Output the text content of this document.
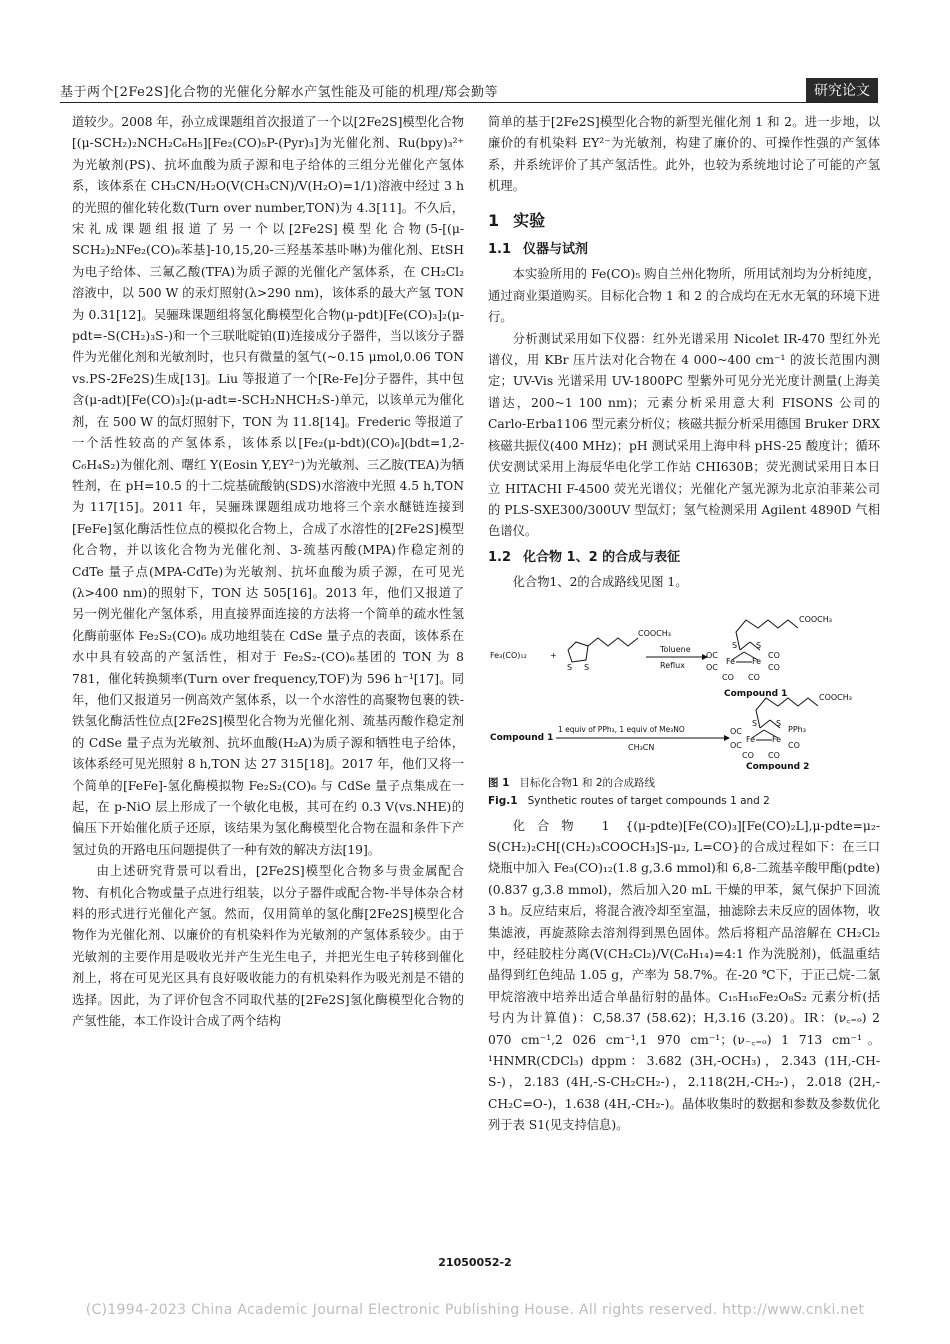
基于两个[2Fe2S]化合物的光催化分解水产氢性能及可能的机理/郑会勤等	研究论文

道较少。2008 年，孙立成课题组首次报道了一个以[2Fe2S]模型化合物[(μ-SCH₂)₂NCH₂C₆H₅][Fe₂(CO)₅P-(Pyr)₃]为光催化剂、Ru(bpy)₃²⁺为光敏剂(PS)、抗坏血酸为质子源和电子给体的三组分光催化产氢体系，该体系在 CH₃CN/H₂O(V(CH₃CN)/V(H₂O)=1/1)溶液中经过 3 h 的光照的催化转化数(Turn over number,TON)为 4.3[11]。不久后，宋礼成课题组报道了另一个以[2Fe2S]模型化合物(5-[(μ-SCH₂)₂NFe₂(CO)₆苯基]-10,15,20-三羟基苯基卟啉)为催化剂、EtSH 为电子给体、三氟乙酸(TFA)为质子源的光催化产氢体系，在 CH₂Cl₂ 溶液中，以 500 W 的汞灯照射(λ>290 nm)，该体系的最大产氢 TON 为 0.31[12]。吴骊珠课题组将氢化酶模型化合物(μ-pdt)[Fe(CO)₃]₂(μ-pdt=-S(CH₂)₃S-)和一个三联吡啶铂(Ⅱ)连接成分子器件，当以该分子器件为光催化剂和光敏剂时，也只有微量的氢气(~0.15 μmol,0.06 TON vs.PS-2Fe2S)生成[13]。Liu 等报道了一个[Re-Fe]分子器件，其中包含(μ-adt)[Fe(CO)₃]₂(μ-adt=-SCH₂NHCH₂S-)单元，以该单元为催化剂，在 500 W 的氙灯照射下，TON 为 11.8[14]。Frederic 等报道了一个活性较高的产氢体系，该体系以[Fe₂(μ-bdt)(CO)₆](bdt=1,2-C₆H₄S₂)为催化剂、曙红 Y(Eosin Y,EY²⁻)为光敏剂、三乙胺(TEA)为牺牲剂，在 pH=10.5 的十二烷基硫酸钠(SDS)水溶液中光照 4.5 h,TON 为 117[15]。2011 年，吴骊珠课题组成功地将三个亲水醚链连接到[FeFe]氢化酶活性位点的模拟化合物上，合成了水溶性的[2Fe2S]模型化合物，并以该化合物为光催化剂、3-巯基丙酸(MPA)作稳定剂的 CdTe 量子点(MPA-CdTe)为光敏剂、抗坏血酸为质子源，在可见光(λ>400 nm)的照射下，TON 达 505[16]。2013 年，他们又报道了另一例光催化产氢体系，用直接界面连接的方法将一个简单的疏水性氢化酶前驱体 Fe₂S₂(CO)₆ 成功地组装在 CdSe 量子点的表面，该体系在水中具有较高的产氢活性，相对于 Fe₂S₂-(CO)₆基团的 TON 为 8 781，催化转换频率(Turn over frequency,TOF)为 596 h⁻¹[17]。同年，他们又报道另一例高效产氢体系，以一个水溶性的高聚物包裹的铁-铁氢化酶活性位点[2Fe2S]模型化合物为光催化剂、巯基丙酸作稳定剂的 CdSe 量子点为光敏剂、抗坏血酸(H₂A)为质子源和牺牲电子给体，该体系经可见光照射 8 h,TON 达 27 315[18]。2017 年，他们又将一个简单的[FeFe]-氢化酶模拟物 Fe₂S₂(CO)₆ 与 CdSe 量子点集成在一起，在 p-NiO 层上形成了一个敏化电极，其可在约 0.3 V(vs.NHE)的偏压下开始催化质子还原，该结果为氢化酶模型化合物在温和条件下产氢过负的开路电压问题提供了一种有效的解决方法[19]。

由上述研究背景可以看出，[2Fe2S]模型化合物多与贵金属配合物、有机化合物或量子点进行组装，以分子器件或配合物-半导体杂合材料的形式进行光催化产氢。然而，仅用简单的氢化酶[2Fe2S]模型化合物作为光催化剂、以廉价的有机染料作为光敏剂的产氢体系较少。由于光敏剂的主要作用是吸收光并产生光生电子，并把光生电子转移到催化剂上，将在可见光区具有良好吸收能力的有机染料作为吸光剂是不错的选择。因此，为了评价包含不同取代基的[2Fe2S]氢化酶模型化合物的产氢性能，本工作设计合成了两个结构

简单的基于[2Fe2S]模型化合物的新型光催化剂 1 和 2。进一步地，以廉价的有机染料 EY²⁻为光敏剂，构建了廉价的、可操作性强的产氢体系，并系统评价了其产氢活性。此外，也较为系统地讨论了可能的产氢机理。

1 实验
1.1 仪器与试剂

本实验所用的 Fe(CO)₅ 购自兰州化物所，所用试剂均为分析纯度，通过商业渠道购买。目标化合物 1 和 2 的合成均在无水无氧的环境下进行。

分析测试采用如下仪器：红外光谱采用 Nicolet IR-470 型红外光谱仪，用 KBr 压片法对化合物在 4 000~400 cm⁻¹ 的波长范围内测定；UV-Vis 光谱采用 UV-1800PC 型紫外可见分光光度计测量(上海美谱达，200~1 100 nm)；元素分析采用意大利 FISONS 公司的 Carlo-Erba1106 型元素分析仪；核磁共振分析采用德国 Bruker DRX 核磁共振仪(400 MHz)；pH 测试采用上海申科 pHS-25 酸度计；循环伏安测试采用上海辰华电化学工作站 CHI630B；荧光测试采用日本日立 HITACHI F-4500 荧光光谱仪；光催化产氢光源为北京泊菲莱公司的 PLS-SXE300/300UV 型氙灯；氢气检测采用 Agilent 4890D 气相色谱仪。

1.2 化合物 1、2 的合成与表征

化合物1、2的合成路线见图 1。

Fe₃(CO)₁₂	+
S S
COOCH₃
Toluene
Reflux
COOCH₃
S S
Fe Fe
OC
OC
CO CO
CO
CO
Compound 1
Compound 1
1 equiv of PPh₃, 1 equiv of Me₃NO
CH₃CN
COOCH₃
S S
Fe Fe
OC
OC
CO CO
CO
PPh₃
Compound 2
图 1 目标化合物1 和 2的合成路线
Fig.1 Synthetic routes of target compounds 1 and 2

化合物 1 {(μ-pdte)[Fe(CO)₃][Fe(CO)₂L],μ-pdte=μ₂-S(CH₂)₂CH[(CH₂)₃COOCH₃]S-μ₂, L=CO}的合成过程如下：在三口烧瓶中加入 Fe₃(CO)₁₂(1.8 g,3.6 mmol)和 6,8-二巯基辛酸甲酯(pdte)(0.837 g,3.8 mmol)，然后加入20 mL 干燥的甲苯，氮气保护下回流 3 h。反应结束后，将混合液冷却至室温，抽滤除去未反应的固体物，收集滤液，再旋蒸除去溶剂得到黑色固体。然后将粗产品溶解在 CH₂Cl₂ 中，经硅胶柱分离(V(CH₂Cl₂)/V(C₆H₁₄)=4:1 作为洗脱剂)，低温重结晶得到红色纯品 1.05 g，产率为 58.7%。在-20 ℃下，于正己烷-二氯甲烷溶液中培养出适合单晶衍射的晶体。C₁₅H₁₆Fe₂O₈S₂ 元素分析(括号内为计算值)：C,58.37 (58.62)；H,3.16 (3.20)。IR：(ν꜀₌ₒ) 2 070 cm⁻¹,2 026 cm⁻¹,1 970 cm⁻¹；(ν₋꜀₌ₒ) 1 713 cm⁻¹。¹HNMR(CDCl₃) dppm：3.682 (3H,-OCH₃)，2.343 (1H,-CH-S-)，2.183 (4H,-S-CH₂CH₂-)，2.118(2H,-CH₂-)，2.018 (2H,-CH₂C=O-)，1.638 (4H,-CH₂-)。晶体收集时的数据和参数及参数优化列于表 S1(见支持信息)。

21050052-2
(C)1994-2023 China Academic Journal Electronic Publishing House. All rights reserved. http://www.cnki.net
